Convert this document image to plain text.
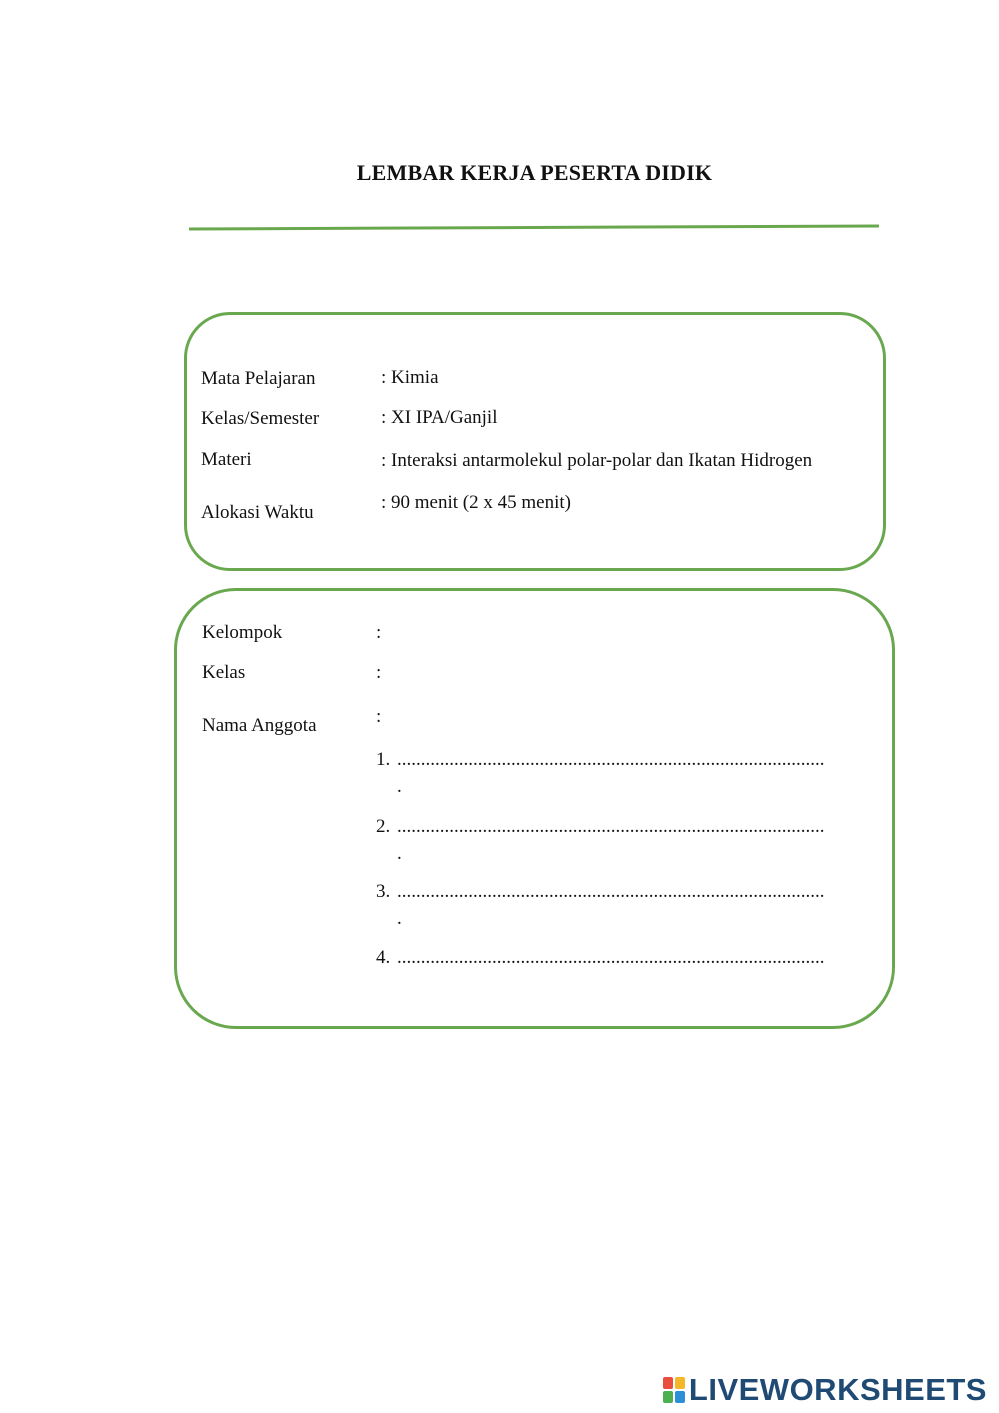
LEMBAR KERJA PESERTA DIDIK
Mata Pelajaran	: Kimia
Kelas/Semester	: XI IPA/Ganjil
Materi	: Interaksi antarmolekul polar-polar dan Ikatan Hidrogen
Alokasi Waktu	: 90 menit (2 x 45 menit)
Kelompok	:
Kelas	:
Nama Anggota	:
1. ..........................................................................................
.
2. ..........................................................................................
.
3. ..........................................................................................
.
4. ..........................................................................................
LIVEWORKSHEETS
